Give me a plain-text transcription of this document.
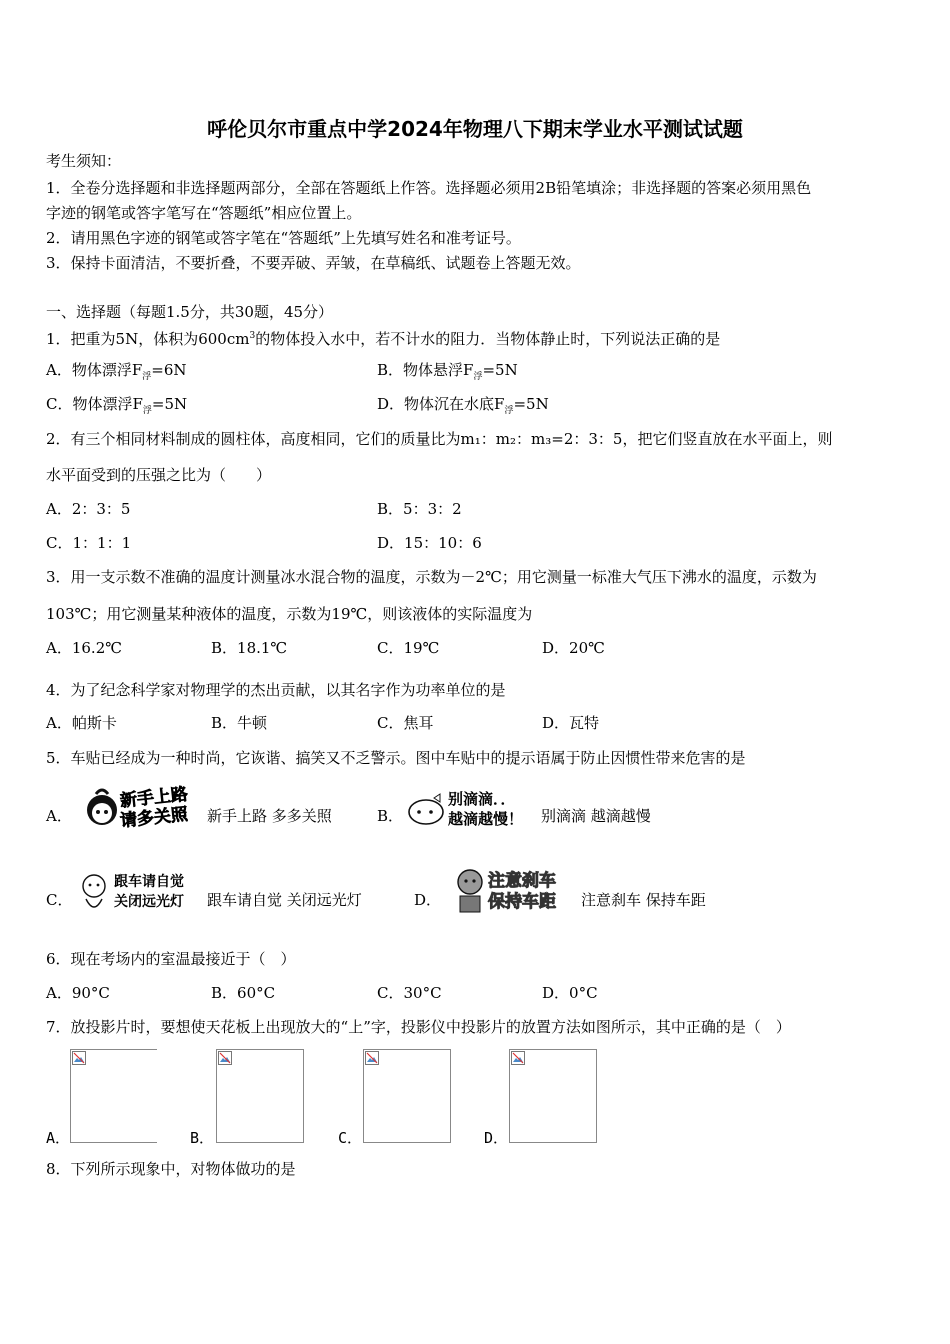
呼伦贝尔市重点中学2024年物理八下期末学业水平测试试题
考生须知：
1．全卷分选择题和非选择题两部分，全部在答题纸上作答。选择题必须用2B铅笔填涂；非选择题的答案必须用黑色
字迹的钢笔或答字笔写在“答题纸”相应位置上。
2．请用黑色字迹的钢笔或答字笔在“答题纸”上先填写姓名和准考证号。
3．保持卡面清洁，不要折叠，不要弄破、弄皱，在草稿纸、试题卷上答题无效。
一、选择题（每题1.5分，共30题，45分）
1．把重为5N，体积为$600cm^3$的物体投入水中，若不计水的阻力．当物体静止时，下列说法正确的是
A．物体漂浮$F_浮=6N$	B．物体悬浮$F_浮=5N$
C．物体漂浮$F_浮=5N$	D．物体沉在水底$F_浮=5N$
2．有三个相同材料制成的圆柱体，高度相同，它们的质量比为m₁：m₂：m₃=2：3：5，把它们竖直放在水平面上，则
水平面受到的压强之比为（　　）
A．2：3：5	B．5：3：2
C．1：1：1	D．15：10：6
3．用一支示数不准确的温度计测量冰水混合物的温度，示数为－2℃；用它测量一标准大气压下沸水的温度，示数为
103℃；用它测量某种液体的温度，示数为19℃，则该液体的实际温度为
A．16.2℃	B．18.1℃	C．19℃	D．20℃
4．为了纪念科学家对物理学的杰出贡献，以其名字作为功率单位的是
A．帕斯卡	B．牛顿	C．焦耳	D．瓦特
5．车贴已经成为一种时尚，它诙谐、搞笑又不乏警示。图中车贴中的提示语属于防止因惯性带来危害的是
A．
新手上路
请多关照 新手上路 多多关照	B．
别滴滴．．
越滴越慢！ 别滴滴 越滴越慢
C．
跟车请自觉
关闭远光灯 跟车请自觉 关闭远光灯	D．
注意刹车
保持车距 注意刹车 保持车距
6．现在考场内的室温最接近于（　）
A．90°C	B．60°C	C．30°C	D．0°C
7．放投影片时，要想使天花板上出现放大的“上”字，投影仪中投影片的放置方法如图所示，其中正确的是（　）
A．	B．	C．	D．
8．下列所示现象中，对物体做功的是
